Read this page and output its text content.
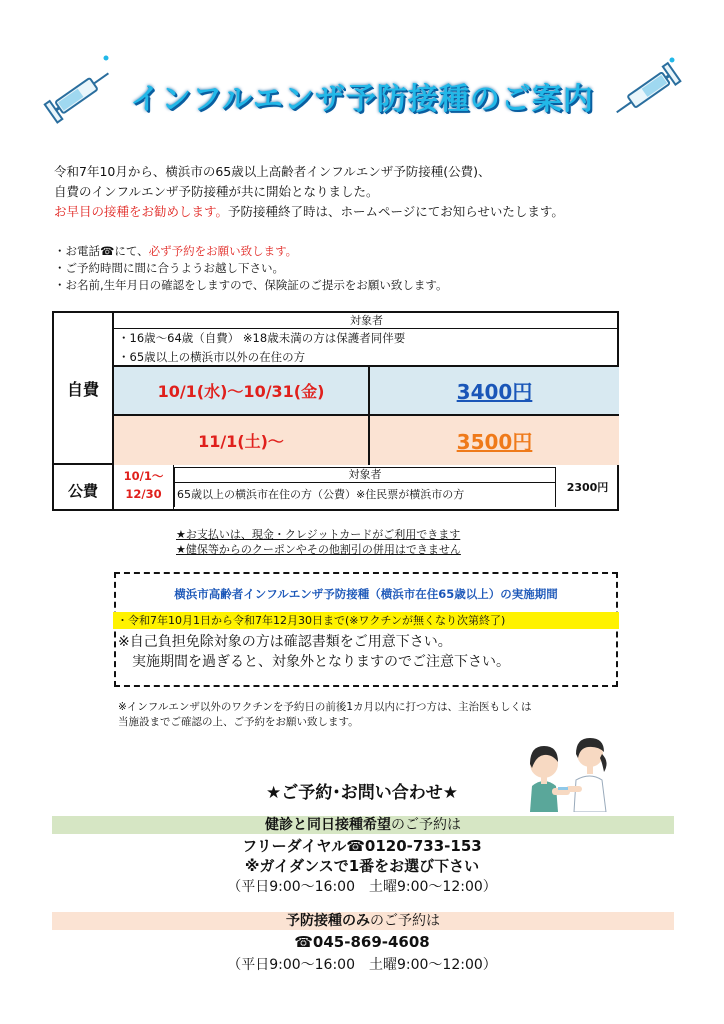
インフルエンザ予防接種のご案内
令和7年10月から、横浜市の65歳以上高齢者インフルエンザ予防接種(公費)、
自費のインフルエンザ予防接種が共に開始となりました。
お早目の接種をお勧めします。予防接種終了時は、ホームページにてお知らせいたします。
・お電話☎にて、必ず予約をお願い致します。
・ご予約時間に間に合うようお越し下さい。
・お名前,生年月日の確認をしますので、保険証のご提示をお願い致します。
自費
対象者
・16歳～64歳（自費） ※18歳未満の方は保護者同伴要
・65歳以上の横浜市以外の在住の方
10/1(水)～10/31(金)	3400円
11/1(土)～	3500円
公費
10/1～
12/30
対象者
65歳以上の横浜市在住の方（公費）※住民票が横浜市の方
2300円
★お支払いは、現金・クレジットカードがご利用できます
★健保等からのクーポンやその他割引の併用はできません
横浜市高齢者インフルエンザ予防接種（横浜市在住65歳以上）の実施期間
・令和7年10月1日から令和7年12月30日まで(※ワクチンが無くなり次第終了)
※自己負担免除対象の方は確認書類をご用意下さい。
実施期間を過ぎると、対象外となりますのでご注意下さい。
※インフルエンザ以外のワクチンを予約日の前後1カ月以内に打つ方は、主治医もしくは
当施設までご確認の上、ご予約をお願い致します。
★ご予約･お問い合わせ★
健診と同日接種希望のご予約は
フリーダイヤル☎0120-733-153
※ガイダンスで1番をお選び下さい
（平日9:00～16:00　土曜9:00～12:00）
予防接種のみのご予約は
☎045-869-4608
（平日9:00～16:00　土曜9:00～12:00）
